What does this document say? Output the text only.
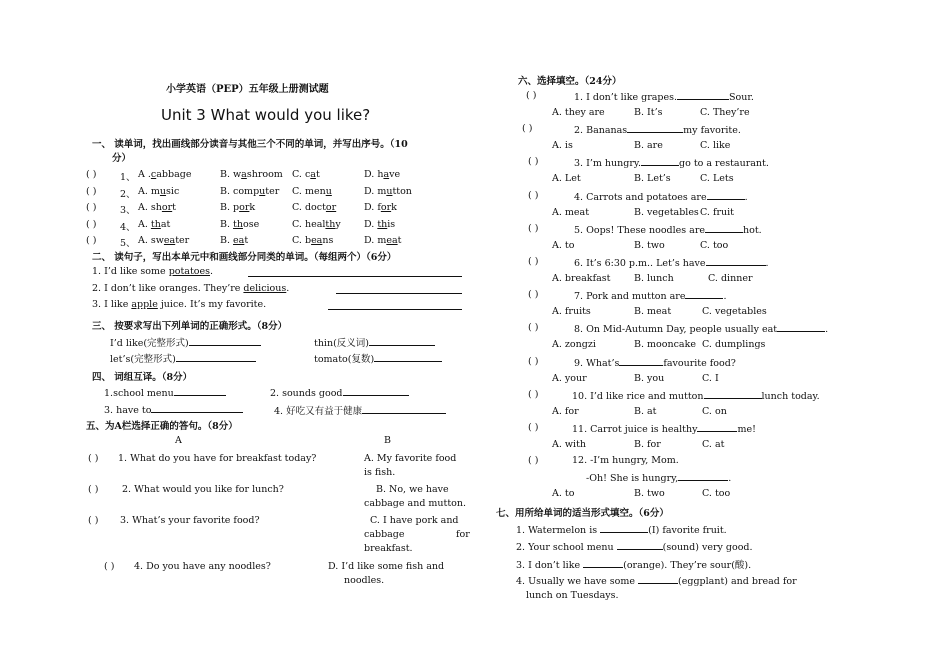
小学英语（PEP）五年级上册测试题
Unit 3 What would you like?
一、 读单词，找出画线部分读音与其他三个不同的单词，并写出序号。（10
分）
( ) 1、 A .cabbage	B. washroom C. cat	D. have
( ) 2、 A. music	B. computer C. menu	D. mutton
( ) 3、 A. short	B. pork	C. doctor	D. fork
( ) 4、 A. that	B. those	C. healthy D. this
( ) 5、 A. sweater	B. eat	C. beans	D. meat
二、 读句子，写出本单元中和画线部分同类的单词。（每组两个）（6分）
1. I’d like some potatoes.
2. I don’t like oranges. They’re delicious.
3. I like apple juice. It’s my favorite.
三、 按要求写出下列单词的正确形式。（8分）
I’d like(完整形式)	thin(反义词)
let’s(完整形式)	tomato(复数)
四、 词组互译。（8分）
1.school menu	2. sounds good
3. have to	4. 好吃又有益于健康
五、为A栏选择正确的答句。（8分）
A	B
( ) 1. What do you have for breakfast today?	A. My favorite food
is fish.
( ) 2. What would you like for lunch?	B. No, we have
cabbage and mutton.
( ) 3. What’s your favorite food?	C. I have pork and
cabbage	for
breakfast.
( ) 4. Do you have any noodles?	D. I’d like some fish and
noodles.
六、选择填空。（24分）
( )	1. I don’t like grapes.	Sour.
A. they are	B. It’s	C. They’re
( )	2. Bananas	my favorite.
A. is	B. are	C. like
( )	3. I’m hungry.	go to a restaurant.
A. Let	B. Let’s	C. Lets
( )	4. Carrots and potatoes are	.
A. meat	B. vegetables C. fruit
( )	5. Oops! These noodles are	hot.
A. to	B. two	C. too
( )	6. It’s 6:30 p.m.. Let’s have	.
A. breakfast B. lunch	C. dinner
( )	7. Pork and mutton are	.
A. fruits	B. meat	C. vegetables
( )	8. On Mid-Autumn Day, people usually eat	.
A. zongzi	B. mooncake C. dumplings
( )	9. What’s	favourite food?
A. your	B. you	C. I
( )	10. I’d like rice and mutton	lunch today.
A. for	B. at	C. on
( )	11. Carrot juice is healthy	me!
A. with	B. for	C. at
( )	12. -I’m hungry, Mom.
-Oh! She is hungry,	.
A. to	B. two	C. too
七、用所给单词的适当形式填空。（6分）
1. Watermelon is	(I) favorite fruit.
2. Your school menu	(sound) very good.
3. I don’t like	(orange). They’re sour(酸).
4. Usually we have some	(eggplant) and bread for
lunch on Tuesdays.
